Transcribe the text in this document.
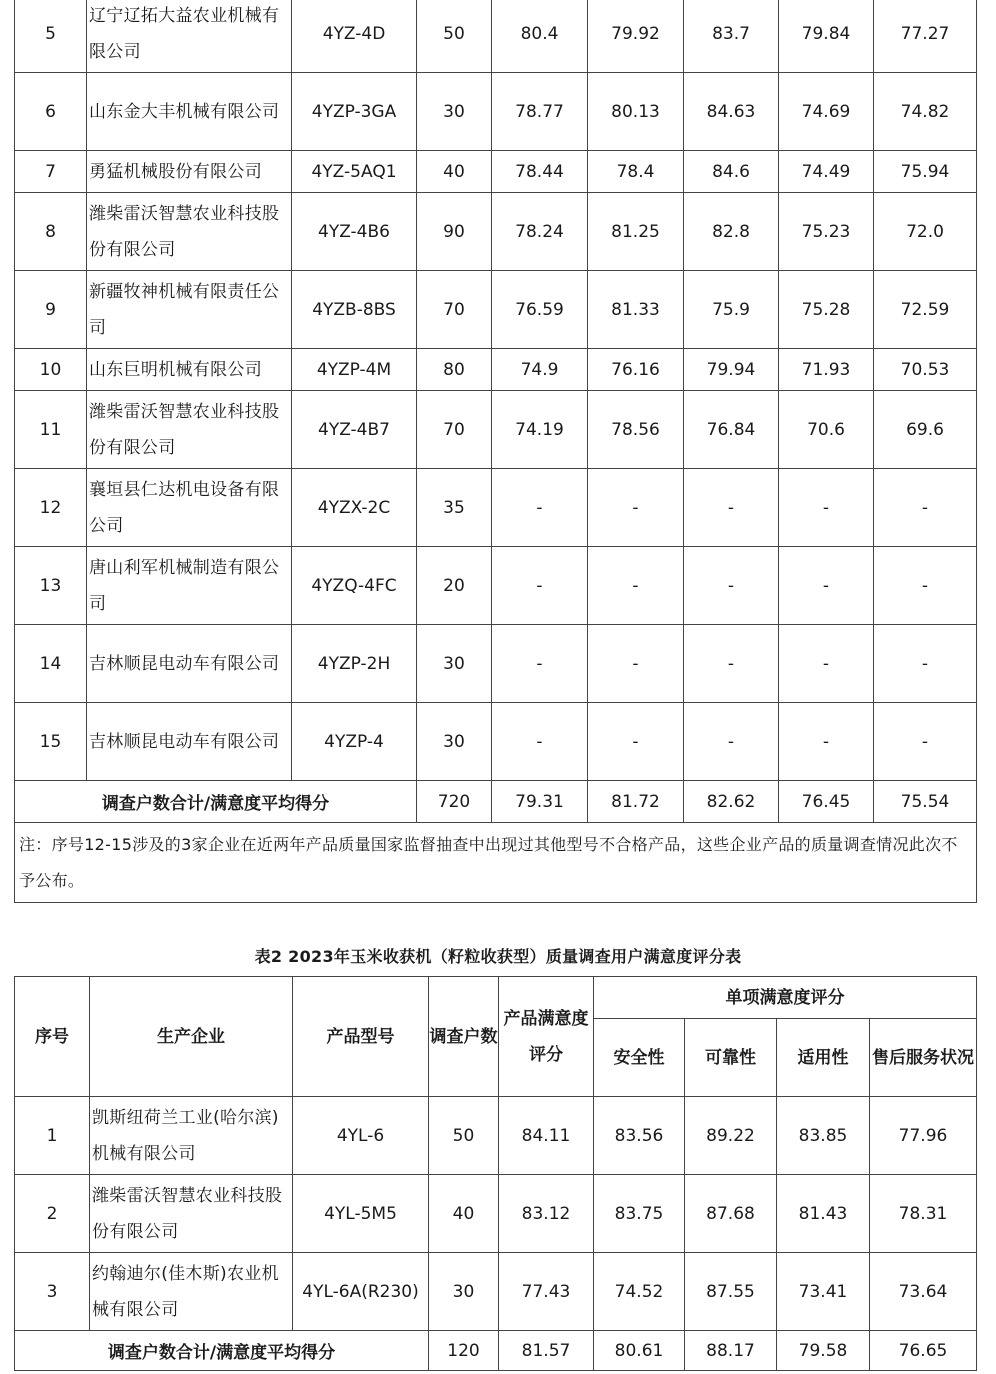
5	辽宁辽拓大益农业机械有限公司	4YZ-4D	50	80.4	79.92	83.7	79.84	77.27
6	山东金大丰机械有限公司	4YZP-3GA	30	78.77	80.13	84.63	74.69	74.82
7	勇猛机械股份有限公司	4YZ-5AQ1	40	78.44	78.4	84.6	74.49	75.94
8	潍柴雷沃智慧农业科技股份有限公司	4YZ-4B6	90	78.24	81.25	82.8	75.23	72.0
9	新疆牧神机械有限责任公司	4YZB-8BS	70	76.59	81.33	75.9	75.28	72.59
10	山东巨明机械有限公司	4YZP-4M	80	74.9	76.16	79.94	71.93	70.53
11	潍柴雷沃智慧农业科技股份有限公司	4YZ-4B7	70	74.19	78.56	76.84	70.6	69.6
12	襄垣县仁达机电设备有限公司	4YZX-2C	35	-	-	-	-	-
13	唐山利军机械制造有限公司	4YZQ-4FC	20	-	-	-	-	-
14	吉林顺昆电动车有限公司	4YZP-2H	30	-	-	-	-	-
15	吉林顺昆电动车有限公司	4YZP-4	30	-	-	-	-	-
调查户数合计/满意度平均得分			720	79.31	81.72	82.62	76.45	75.54
注：序号12-15涉及的3家企业在近两年产品质量国家监督抽查中出现过其他型号不合格产品，这些企业产品的质量调查情况此次不予公布。								
表2 2023年玉米收获机（籽粒收获型）质量调查用户满意度评分表
序号	生产企业	产品型号	调查户数	产品满意度评分	单项满意度评分			
					安全性	可靠性	适用性	售后服务状况
1	凯斯纽荷兰工业(哈尔滨)机械有限公司	4YL-6	50	84.11	83.56	89.22	83.85	77.96
2	潍柴雷沃智慧农业科技股份有限公司	4YL-5M5	40	83.12	83.75	87.68	81.43	78.31
3	约翰迪尔(佳木斯)农业机械有限公司	4YL-6A(R230)	30	77.43	74.52	87.55	73.41	73.64
调查户数合计/满意度平均得分			120	81.57	80.61	88.17	79.58	76.65
